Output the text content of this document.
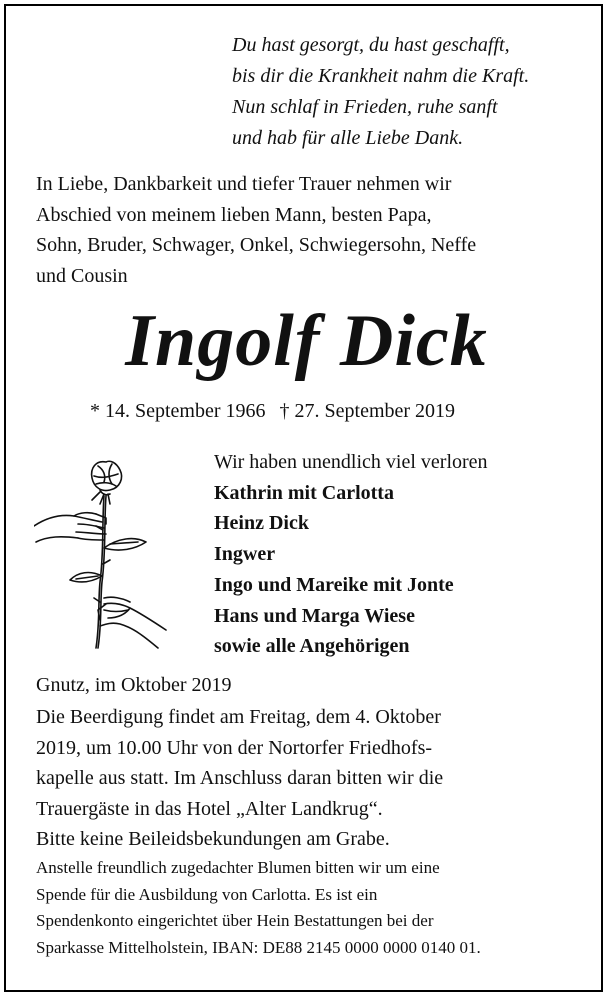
Du hast gesorgt, du hast geschafft,
bis dir die Krankheit nahm die Kraft.
Nun schlaf in Frieden, ruhe sanft
und hab für alle Liebe Dank.
In Liebe, Dankbarkeit und tiefer Trauer nehmen wir
Abschied von meinem lieben Mann, besten Papa,
Sohn, Bruder, Schwager, Onkel, Schwiegersohn, Neffe
und Cousin
Ingolf Dick
* 14. September 1966 † 27. September 2019
Wir haben unendlich viel verloren
Kathrin mit Carlotta
Heinz Dick
Ingwer
Ingo und Mareike mit Jonte
Hans und Marga Wiese
sowie alle Angehörigen
Gnutz, im Oktober 2019
Die Beerdigung findet am Freitag, dem 4. Oktober
2019, um 10.00 Uhr von der Nortorfer Friedhofs-
kapelle aus statt. Im Anschluss daran bitten wir die
Trauergäste in das Hotel „Alter Landkrug“.
Bitte keine Beileidsbekundungen am Grabe.
Anstelle freundlich zugedachter Blumen bitten wir um eine
Spende für die Ausbildung von Carlotta. Es ist ein
Spendenkonto eingerichtet über Hein Bestattungen bei der
Sparkasse Mittelholstein, IBAN: DE88 2145 0000 0000 0140 01.
